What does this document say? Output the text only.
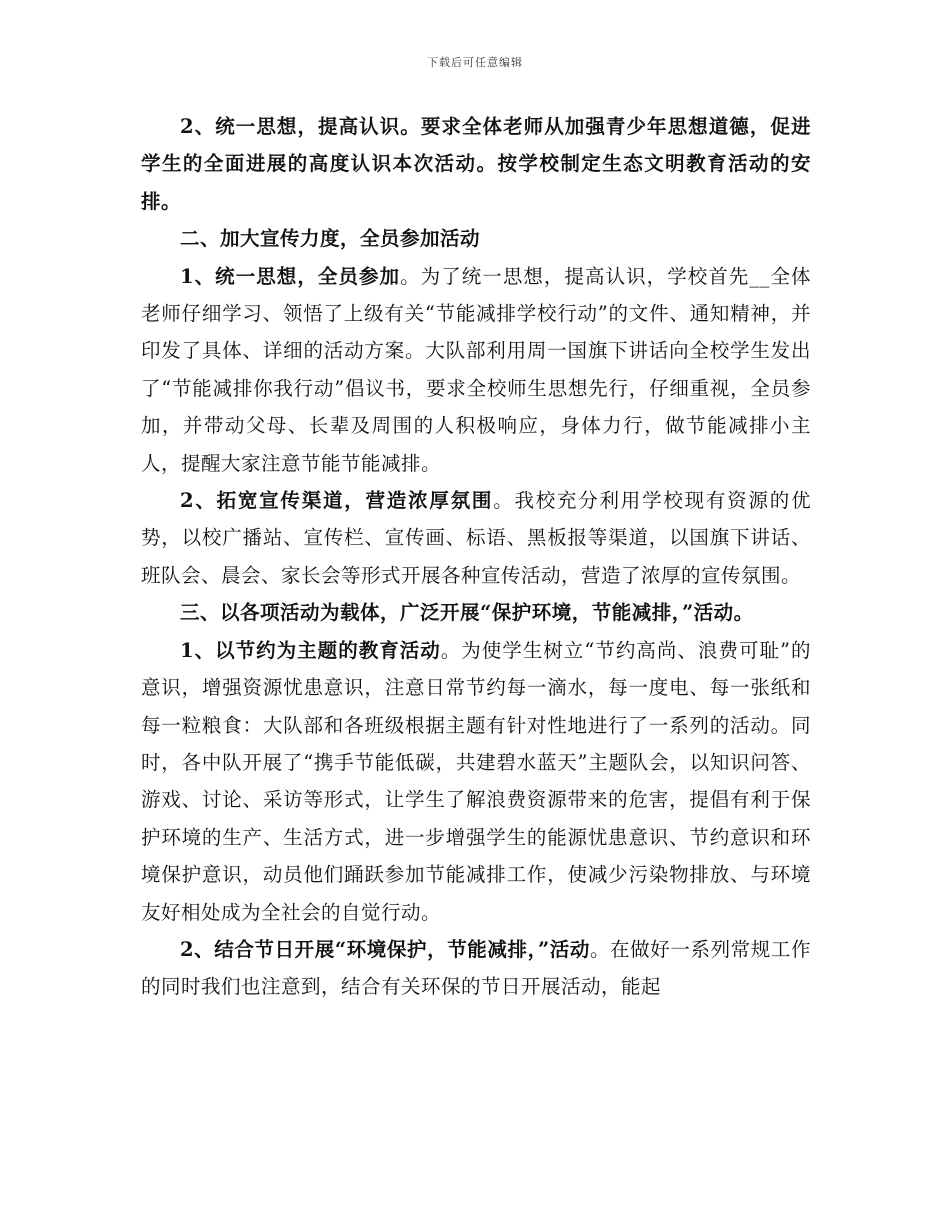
下载后可任意编辑

2、统一思想，提高认识。要求全体老师从加强青少年思想道德，促进学生的全面进展的高度认识本次活动。按学校制定生态文明教育活动的安排。

二、加大宣传力度，全员参加活动

1、统一思想，全员参加。为了统一思想，提高认识，学校首先__全体老师仔细学习、领悟了上级有关“节能减排学校行动”的文件、通知精神，并印发了具体、详细的活动方案。大队部利用周一国旗下讲话向全校学生发出了“节能减排你我行动”倡议书，要求全校师生思想先行，仔细重视，全员参加，并带动父母、长辈及周围的人积极响应，身体力行，做节能减排小主人，提醒大家注意节能节能减排。

2、拓宽宣传渠道，营造浓厚氛围。我校充分利用学校现有资源的优势，以校广播站、宣传栏、宣传画、标语、黑板报等渠道，以国旗下讲话、班队会、晨会、家长会等形式开展各种宣传活动，营造了浓厚的宣传氛围。

三、以各项活动为载体，广泛开展“保护环境，节能减排，”活动。

1、以节约为主题的教育活动。为使学生树立“节约高尚、浪费可耻”的意识，增强资源忧患意识，注意日常节约每一滴水，每一度电、每一张纸和每一粒粮食：大队部和各班级根据主题有针对性地进行了一系列的活动。同时，各中队开展了“携手节能低碳，共建碧水蓝天”主题队会，以知识问答、游戏、讨论、采访等形式，让学生了解浪费资源带来的危害，提倡有利于保护环境的生产、生活方式，进一步增强学生的能源忧患意识、节约意识和环境保护意识，动员他们踊跃参加节能减排工作，使减少污染物排放、与环境友好相处成为全社会的自觉行动。

2、结合节日开展“环境保护，节能减排，”活动。在做好一系列常规工作的同时我们也注意到，结合有关环保的节日开展活动，能起
